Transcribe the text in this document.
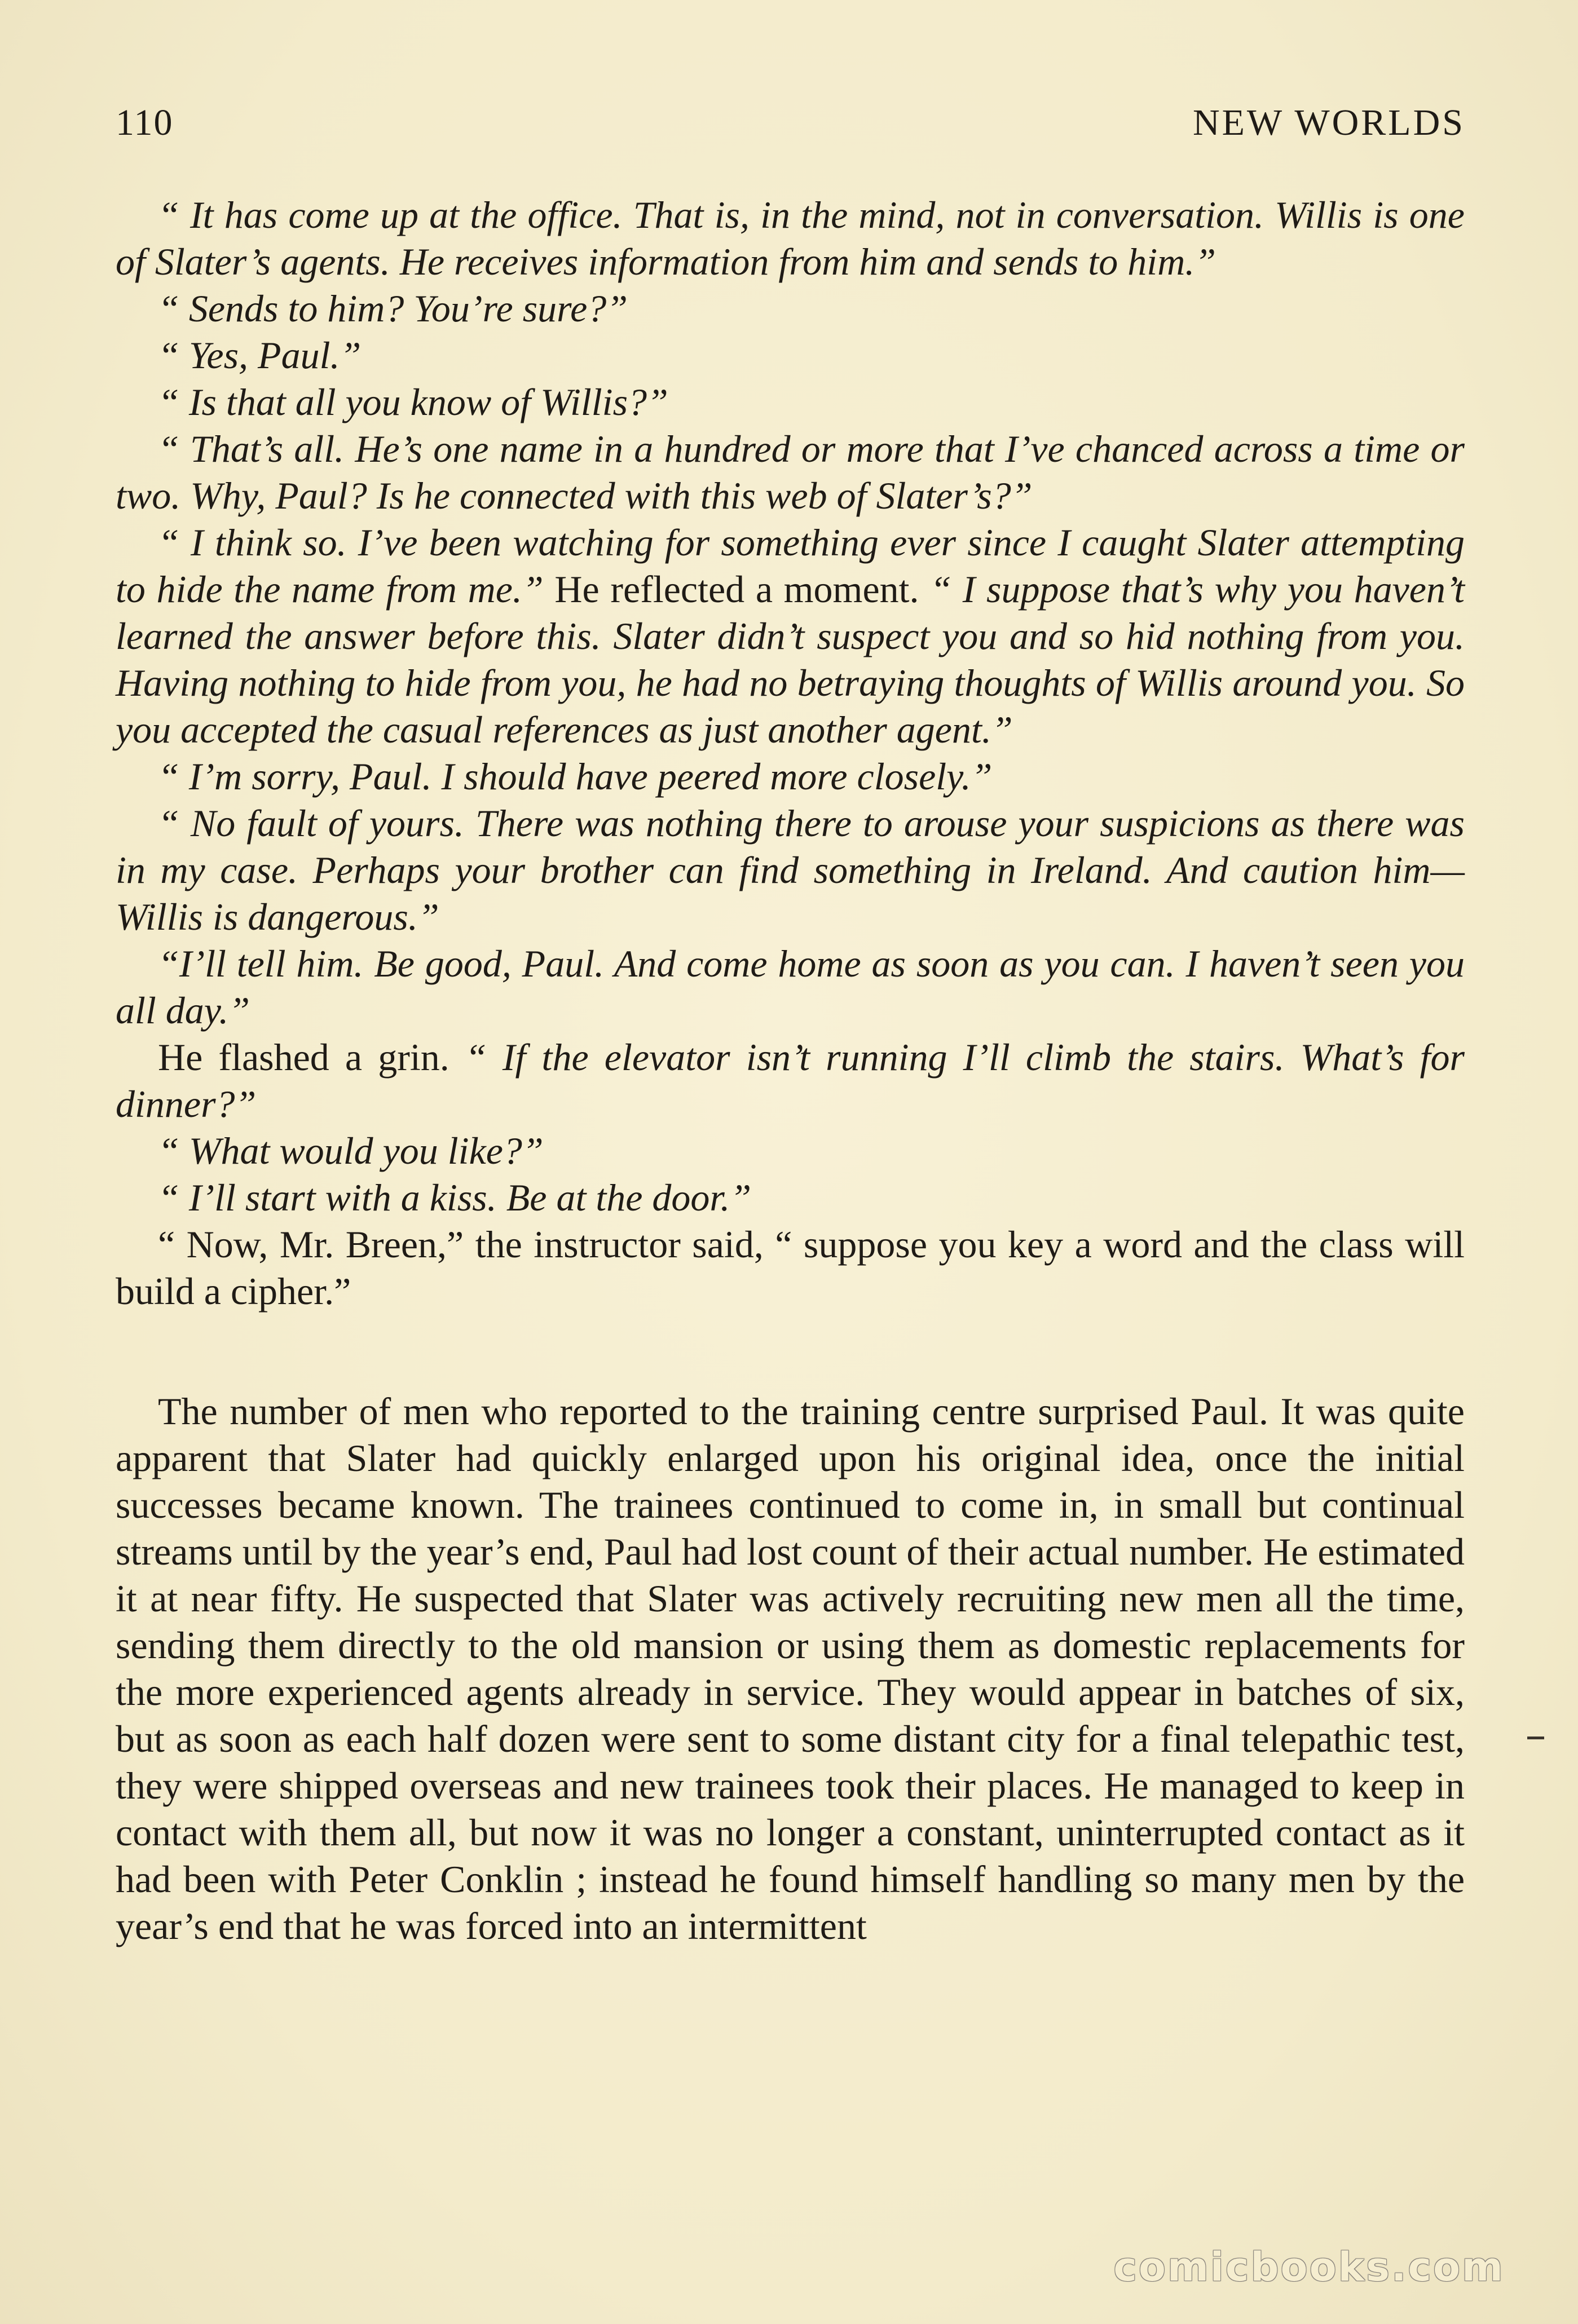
110	NEW WORLDS

“ It has come up at the office. That is, in the mind, not in conversation. Willis is one of Slater’s agents. He receives information from him and sends to him.”

“ Sends to him? You’re sure?”

“ Yes, Paul.”

“ Is that all you know of Willis?”

“ That’s all. He’s one name in a hundred or more that I’ve chanced across a time or two. Why, Paul? Is he connected with this web of Slater’s?”

“ I think so. I’ve been watching for something ever since I caught Slater attempting to hide the name from me.” He reflected a moment. “ I suppose that’s why you haven’t learned the answer before this. Slater didn’t suspect you and so hid nothing from you. Having nothing to hide from you, he had no betraying thoughts of Willis around you. So you accepted the casual references as just another agent.”

“ I’m sorry, Paul. I should have peered more closely.”

“ No fault of yours. There was nothing there to arouse your suspicions as there was in my case. Perhaps your brother can find something in Ireland. And caution him—Willis is dangerous.”

“I’ll tell him. Be good, Paul. And come home as soon as you can. I haven’t seen you all day.”

He flashed a grin. “ If the elevator isn’t running I’ll climb the stairs. What’s for dinner?”

“ What would you like?”

“ I’ll start with a kiss. Be at the door.”

“ Now, Mr. Breen,” the instructor said, “ suppose you key a word and the class will build a cipher.”

The number of men who reported to the training centre surprised Paul. It was quite apparent that Slater had quickly enlarged upon his original idea, once the initial successes became known. The trainees continued to come in, in small but continual streams until by the year’s end, Paul had lost count of their actual number. He estimated it at near fifty. He suspected that Slater was actively recruiting new men all the time, sending them directly to the old mansion or using them as domestic replacements for the more experienced agents already in service. They would appear in batches of six, but as soon as each half dozen were sent to some distant city for a final telepathic test, they were shipped overseas and new trainees took their places. He managed to keep in contact with them all, but now it was no longer a constant, uninterrupted contact as it had been with Peter Conklin ; instead he found himself handling so many men by the year’s end that he was forced into an intermittent

comicbooks.com
